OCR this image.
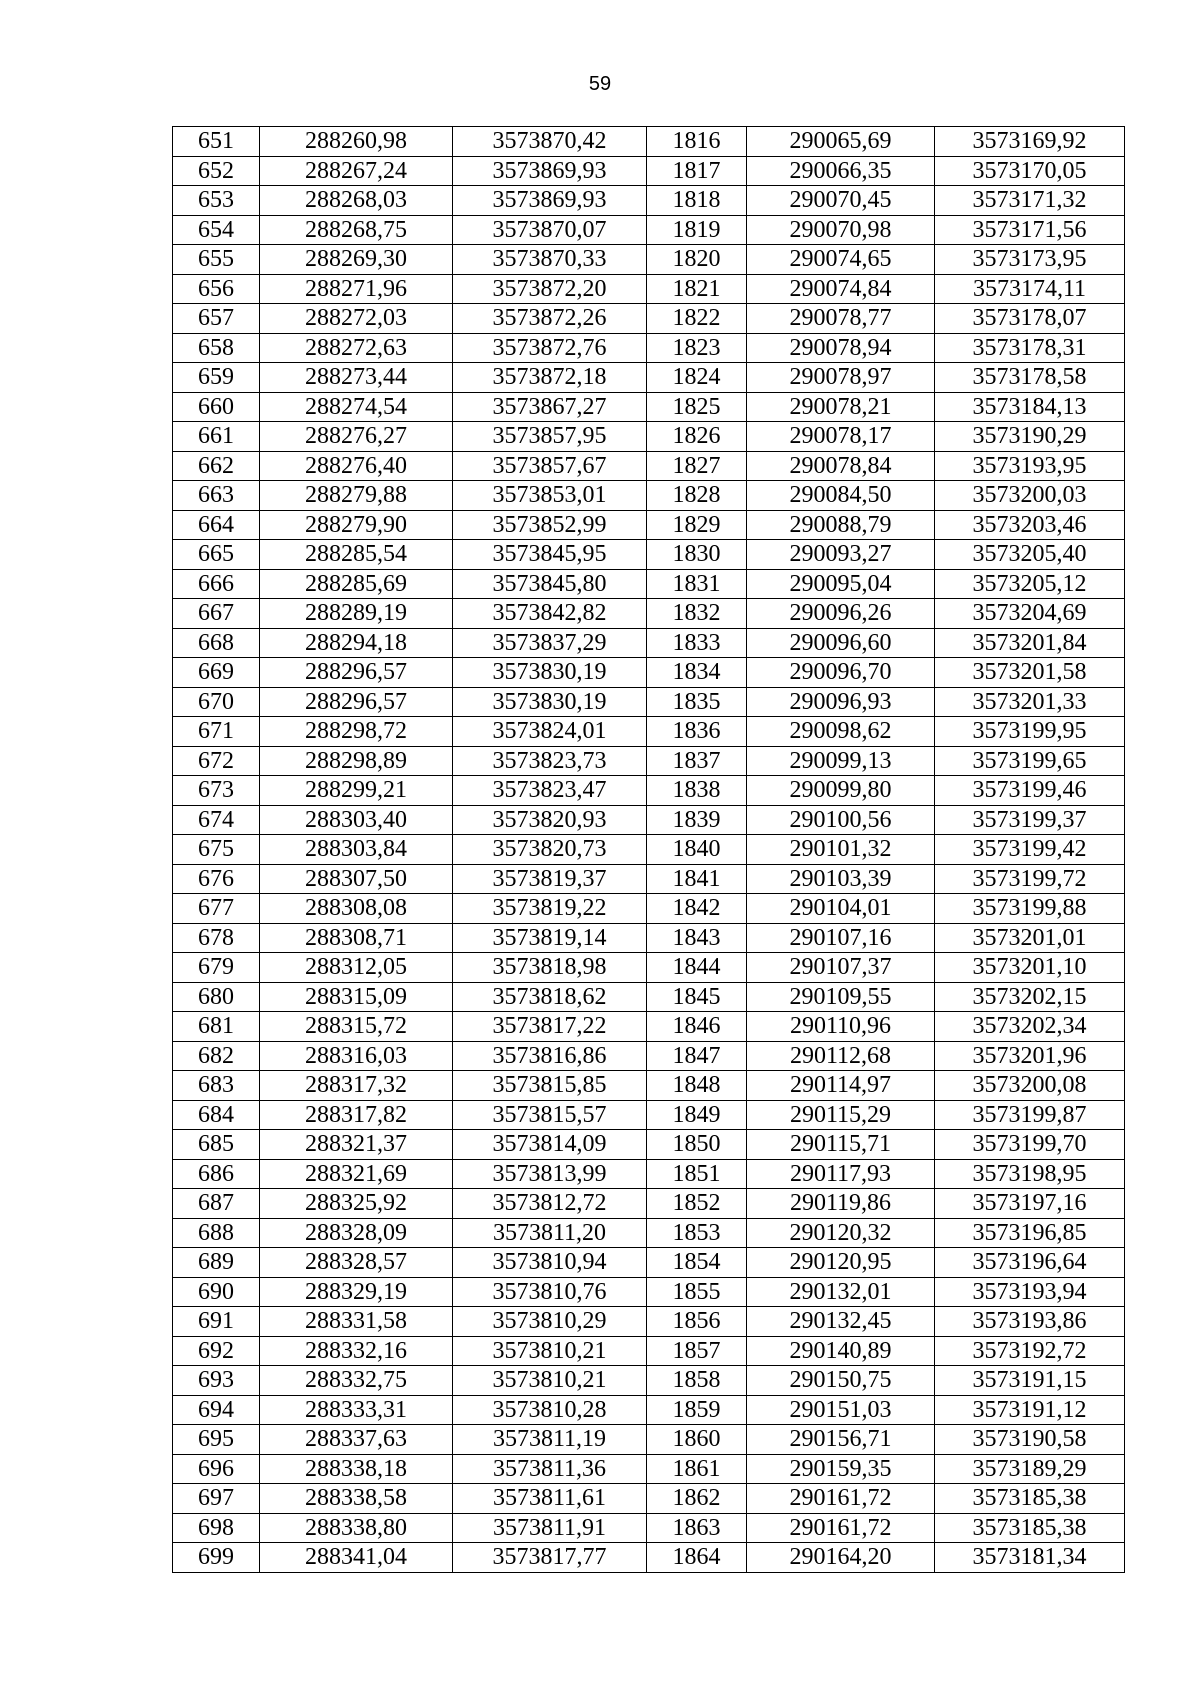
59
651	288260,98	3573870,42	1816	290065,69	3573169,92
652	288267,24	3573869,93	1817	290066,35	3573170,05
653	288268,03	3573869,93	1818	290070,45	3573171,32
654	288268,75	3573870,07	1819	290070,98	3573171,56
655	288269,30	3573870,33	1820	290074,65	3573173,95
656	288271,96	3573872,20	1821	290074,84	3573174,11
657	288272,03	3573872,26	1822	290078,77	3573178,07
658	288272,63	3573872,76	1823	290078,94	3573178,31
659	288273,44	3573872,18	1824	290078,97	3573178,58
660	288274,54	3573867,27	1825	290078,21	3573184,13
661	288276,27	3573857,95	1826	290078,17	3573190,29
662	288276,40	3573857,67	1827	290078,84	3573193,95
663	288279,88	3573853,01	1828	290084,50	3573200,03
664	288279,90	3573852,99	1829	290088,79	3573203,46
665	288285,54	3573845,95	1830	290093,27	3573205,40
666	288285,69	3573845,80	1831	290095,04	3573205,12
667	288289,19	3573842,82	1832	290096,26	3573204,69
668	288294,18	3573837,29	1833	290096,60	3573201,84
669	288296,57	3573830,19	1834	290096,70	3573201,58
670	288296,57	3573830,19	1835	290096,93	3573201,33
671	288298,72	3573824,01	1836	290098,62	3573199,95
672	288298,89	3573823,73	1837	290099,13	3573199,65
673	288299,21	3573823,47	1838	290099,80	3573199,46
674	288303,40	3573820,93	1839	290100,56	3573199,37
675	288303,84	3573820,73	1840	290101,32	3573199,42
676	288307,50	3573819,37	1841	290103,39	3573199,72
677	288308,08	3573819,22	1842	290104,01	3573199,88
678	288308,71	3573819,14	1843	290107,16	3573201,01
679	288312,05	3573818,98	1844	290107,37	3573201,10
680	288315,09	3573818,62	1845	290109,55	3573202,15
681	288315,72	3573817,22	1846	290110,96	3573202,34
682	288316,03	3573816,86	1847	290112,68	3573201,96
683	288317,32	3573815,85	1848	290114,97	3573200,08
684	288317,82	3573815,57	1849	290115,29	3573199,87
685	288321,37	3573814,09	1850	290115,71	3573199,70
686	288321,69	3573813,99	1851	290117,93	3573198,95
687	288325,92	3573812,72	1852	290119,86	3573197,16
688	288328,09	3573811,20	1853	290120,32	3573196,85
689	288328,57	3573810,94	1854	290120,95	3573196,64
690	288329,19	3573810,76	1855	290132,01	3573193,94
691	288331,58	3573810,29	1856	290132,45	3573193,86
692	288332,16	3573810,21	1857	290140,89	3573192,72
693	288332,75	3573810,21	1858	290150,75	3573191,15
694	288333,31	3573810,28	1859	290151,03	3573191,12
695	288337,63	3573811,19	1860	290156,71	3573190,58
696	288338,18	3573811,36	1861	290159,35	3573189,29
697	288338,58	3573811,61	1862	290161,72	3573185,38
698	288338,80	3573811,91	1863	290161,72	3573185,38
699	288341,04	3573817,77	1864	290164,20	3573181,34
